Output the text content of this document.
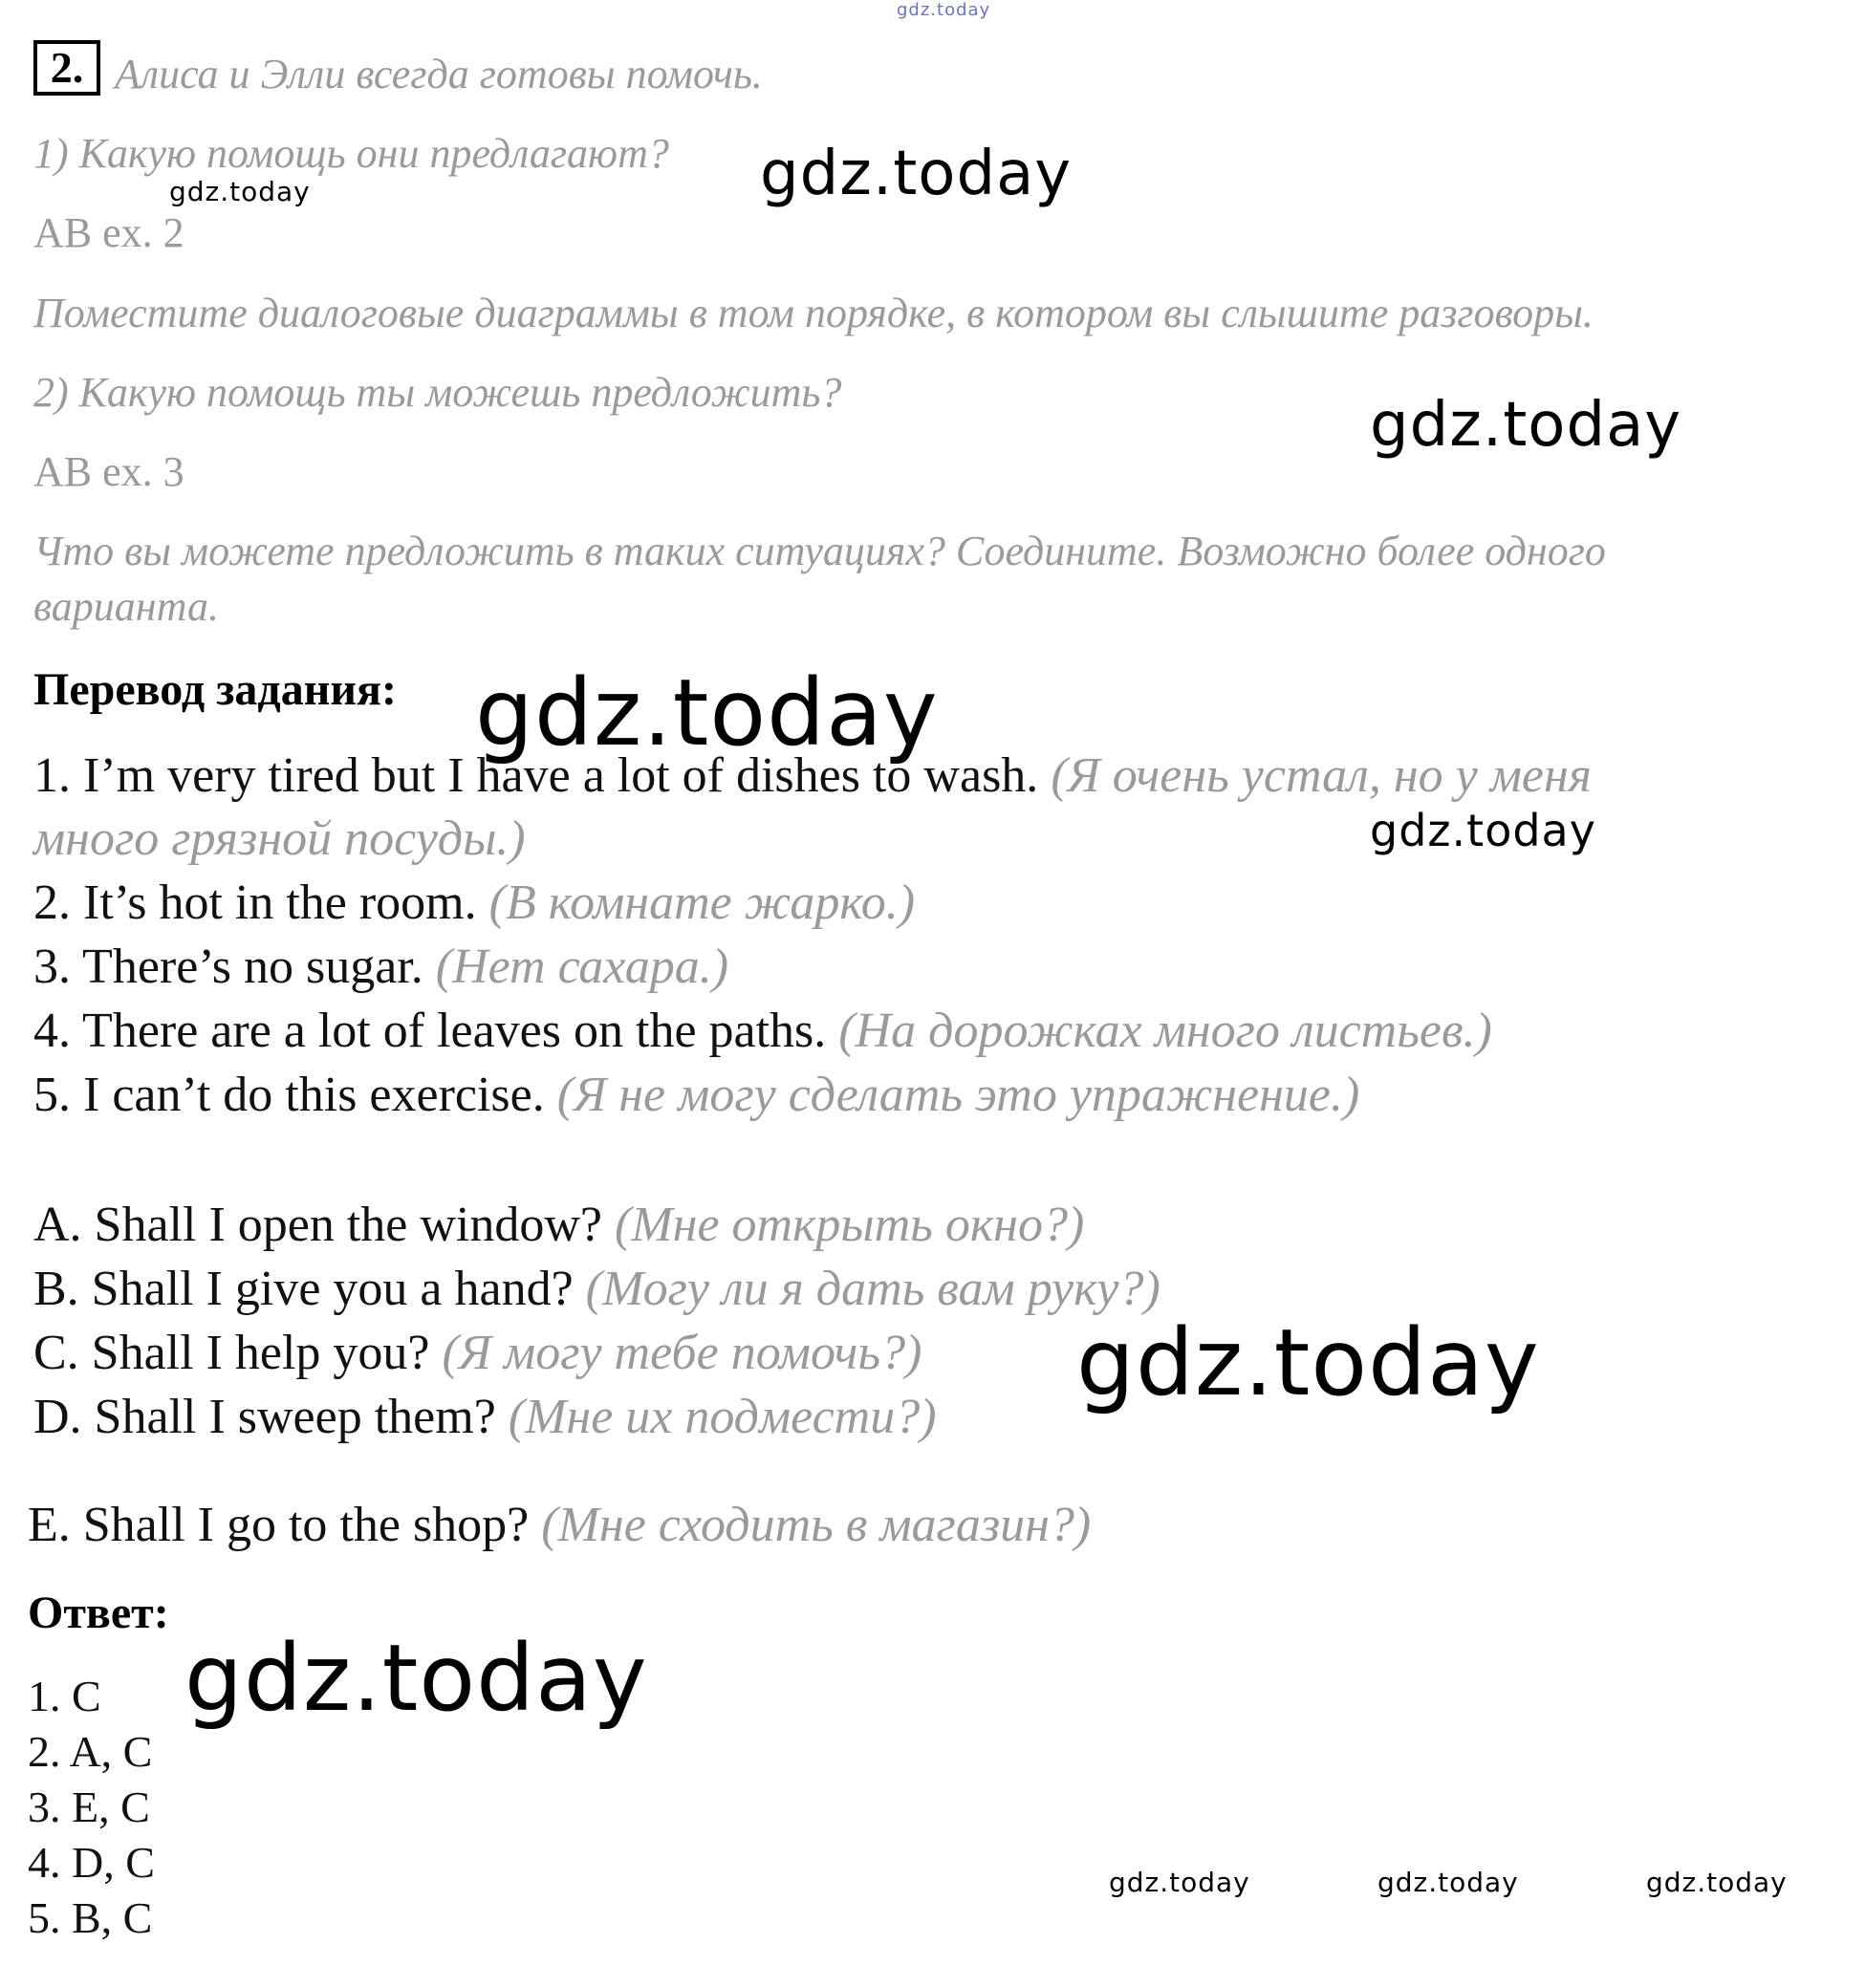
gdz.today
gdz.today
gdz.today
gdz.today
gdz.today
gdz.today
gdz.today
gdz.today
gdz.today	gdz.today	gdz.today
2. Алиса и Элли всегда готовы помочь.
1) Какую помощь они предлагают?
AB ex. 2
Поместите диалоговые диаграммы в том порядке, в котором вы слышите разговоры.
2) Какую помощь ты можешь предложить?
AB ex. 3
Что вы можете предложить в таких ситуациях? Соедините. Возможно более одного
варианта.
Перевод задания:
1. I’m very tired but I have a lot of dishes to wash. (Я очень устал, но у меня
много грязной посуды.)
2. It’s hot in the room. (В комнате жарко.)
3. There’s no sugar. (Нет сахара.)
4. There are a lot of leaves on the paths. (На дорожках много листьев.)
5. I can’t do this exercise. (Я не могу сделать это упражнение.)
A. Shall I open the window? (Мне открыть окно?)
B. Shall I give you a hand? (Могу ли я дать вам руку?)
C. Shall I help you? (Я могу тебе помочь?)
D. Shall I sweep them? (Мне их подмести?)
E. Shall I go to the shop? (Мне сходить в магазин?)
Ответ:
1. C
2. A, C
3. E, C
4. D, C
5. B, C
